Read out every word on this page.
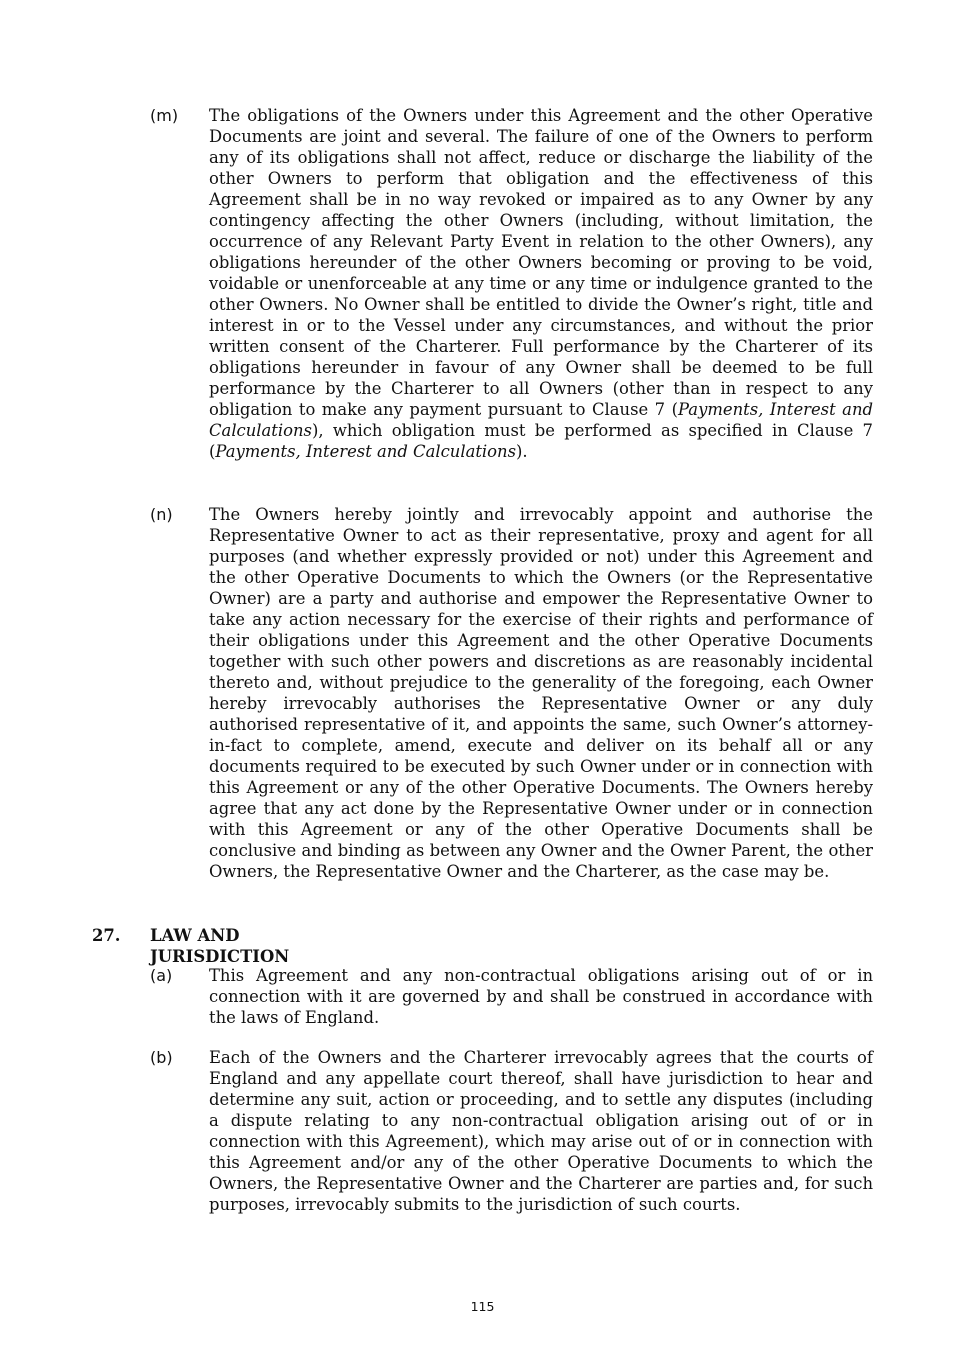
(m) The obligations of the Owners under this Agreement and the other Operative Documents are joint and several. The failure of one of the Owners to perform any of its obligations shall not affect, reduce or discharge the liability of the other Owners to perform that obligation and the effectiveness of this Agreement shall be in no way revoked or impaired as to any Owner by any contingency affecting the other Owners (including, without limitation, the occurrence of any Relevant Party Event in relation to the other Owners), any obligations hereunder of the other Owners becoming or proving to be void, voidable or unenforceable at any time or any time or indulgence granted to the other Owners. No Owner shall be entitled to divide the Owner’s right, title and interest in or to the Vessel under any circumstances, and without the prior written consent of the Charterer. Full performance by the Charterer of its obligations hereunder in favour of any Owner shall be deemed to be full performance by the Charterer to all Owners (other than in respect to any obligation to make any payment pursuant to Clause 7 (Payments, Interest and Calculations), which obligation must be performed as specified in Clause 7 (Payments, Interest and Calculations).
(n) The Owners hereby jointly and irrevocably appoint and authorise the Representative Owner to act as their representative, proxy and agent for all purposes (and whether expressly provided or not) under this Agreement and the other Operative Documents to which the Owners (or the Representative Owner) are a party and authorise and empower the Representative Owner to take any action necessary for the exercise of their rights and performance of their obligations under this Agreement and the other Operative Documents together with such other powers and discretions as are reasonably incidental thereto and, without prejudice to the generality of the foregoing, each Owner hereby irrevocably authorises the Representative Owner or any duly authorised representative of it, and appoints the same, such Owner’s attorney-in-fact to complete, amend, execute and deliver on its behalf all or any documents required to be executed by such Owner under or in connection with this Agreement or any of the other Operative Documents. The Owners hereby agree that any act done by the Representative Owner under or in connection with this Agreement or any of the other Operative Documents shall be conclusive and binding as between any Owner and the Owner Parent, the other Owners, the Representative Owner and the Charterer, as the case may be.
27. LAW AND JURISDICTION
(a) This Agreement and any non-contractual obligations arising out of or in connection with it are governed by and shall be construed in accordance with the laws of England.
(b) Each of the Owners and the Charterer irrevocably agrees that the courts of England and any appellate court thereof, shall have jurisdiction to hear and determine any suit, action or proceeding, and to settle any disputes (including a dispute relating to any non-contractual obligation arising out of or in connection with this Agreement), which may arise out of or in connection with this Agreement and/or any of the other Operative Documents to which the Owners, the Representative Owner and the Charterer are parties and, for such purposes, irrevocably submits to the jurisdiction of such courts.
115
